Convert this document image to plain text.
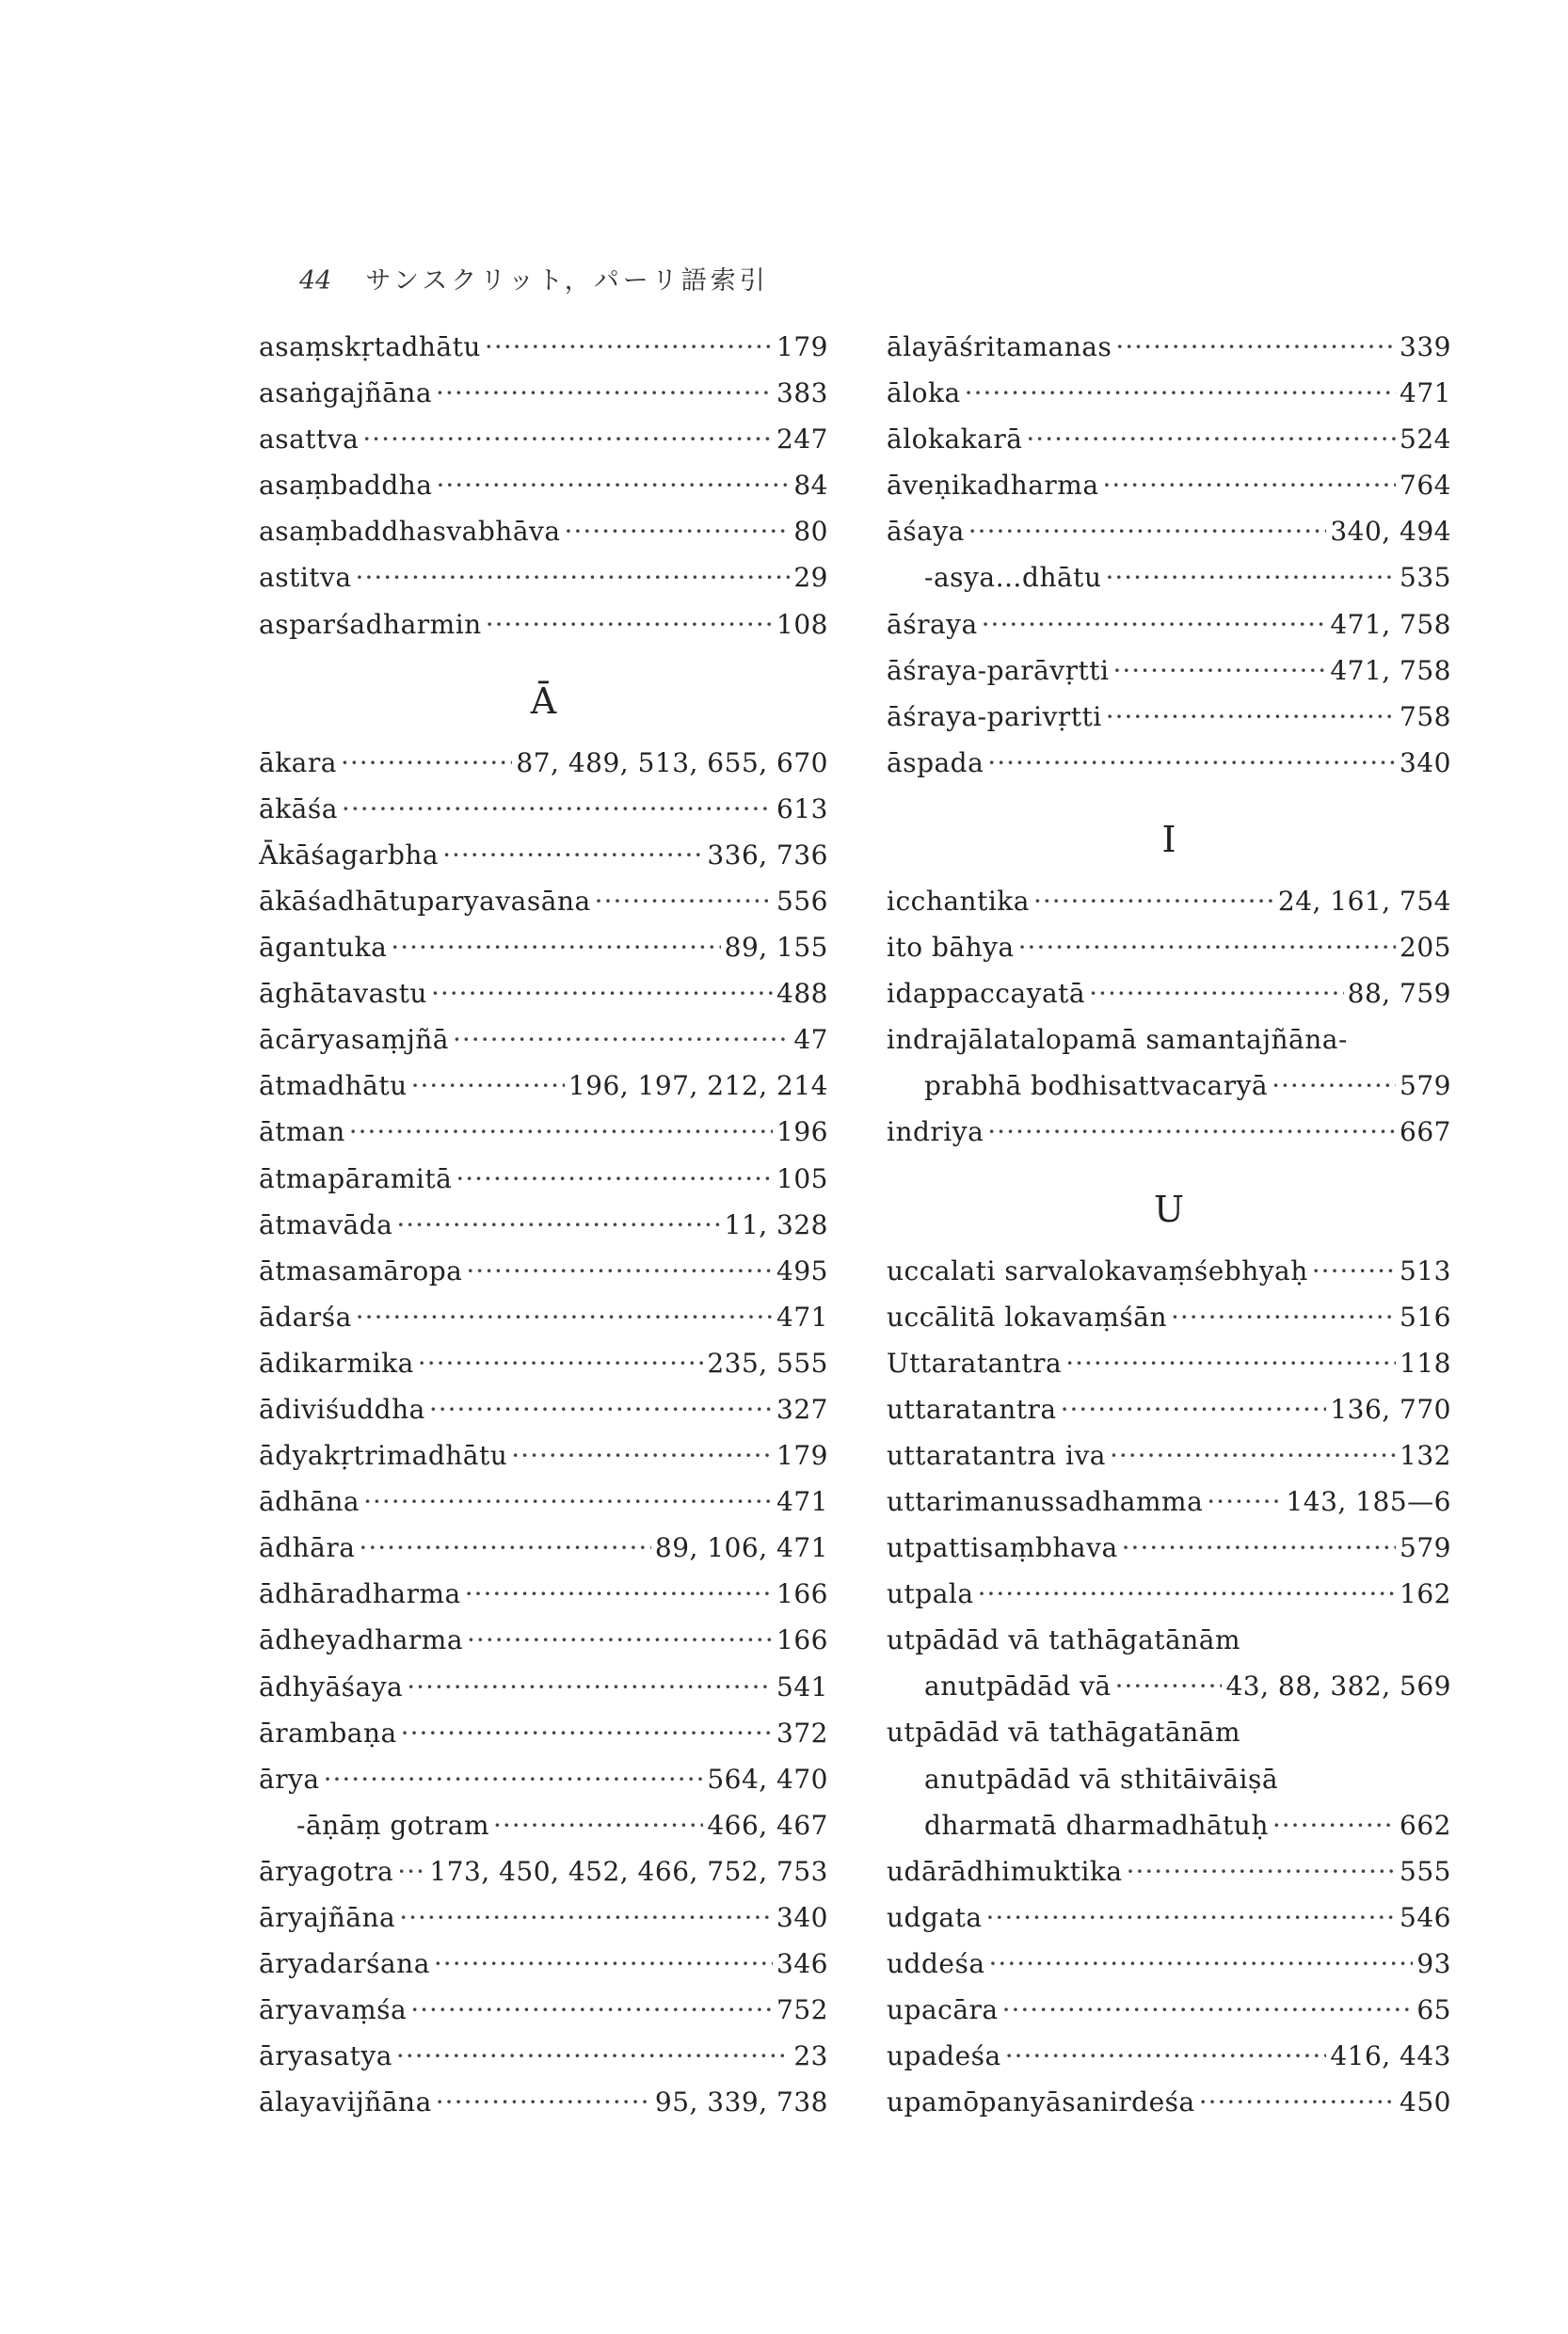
44 サンスクリット，パーリ語索引
asaṃskṛtadhātu ·····	179
asaṅgajñāna ·····	383
asattva ·····	247
asaṃbaddha ·····	84
asaṃbaddhasvabhāva ·····	80
astitva ·····	29
asparśadharmin ·····	108
Ā
ākara ·····	87, 489, 513, 655, 670
ākāśa ·····	613
Ākāśagarbha ·····	336, 736
ākāśadhātuparyavasāna ·····	556
āgantuka ·····	89, 155
āghātavastu ·····	488
ācāryasaṃjñā ·····	47
ātmadhātu ·····	196, 197, 212, 214
ātman ·····	196
ātmapāramitā ·····	105
ātmavāda ·····	11, 328
ātmasamāropa ·····	495
ādarśa ·····	471
ādikarmika ·····	235, 555
ādiviśuddha ·····	327
ādyakṛtrimadhātu ·····	179
ādhāna ·····	471
ādhāra ·····	89, 106, 471
ādhāradharma ·····	166
ādheyadharma ·····	166
ādhyāśaya ·····	541
ārambaṇa ·····	372
ārya ·····	564, 470
-āṇāṃ gotram ·····	466, 467
āryagotra ····· 173, 450, 452, 466, 752, 753
āryajñāna ·····	340
āryadarśana ·····	346
āryavaṃśa ·····	752
āryasatya ·····	23
ālayavijñāna ·····	95, 339, 738
ālayāśritamanas ·····	339
āloka ·····	471
ālokakarā ·····	524
āveṇikadharma ·····	764
āśaya ·····	340, 494
-asya…dhātu ·····	535
āśraya ·····	471, 758
āśraya-parāvṛtti ·····	471, 758
āśraya-parivṛtti ·····	758
āspada ·····	340
I
icchantika ·····	24, 161, 754
ito bāhya ·····	205
idappaccayatā ·····	88, 759
indrajālatalopamā samantajñāna-
prabhā bodhisattvacaryā ·····	579
indriya ·····	667
U
uccalati sarvalokavaṃśebhyaḥ ·····	513
uccālitā lokavaṃśān ·····	516
Uttaratantra ·····	118
uttaratantra ·····	136, 770
uttaratantra iva ·····	132
uttarimanussadhamma ·····	143, 185—6
utpattisaṃbhava ·····	579
utpala ·····	162
utpādād vā tathāgatānām
anutpādād vā ·····	43, 88, 382, 569
utpādād vā tathāgatānām
anutpādād vā sthitāivāiṣā
dharmatā dharmadhātuḥ ·····	662
udārādhimuktika ·····	555
udgata ·····	546
uddeśa ·····	93
upacāra ·····	65
upadeśa ·····	416, 443
upamōpanyāsanirdeśa ·····	450
